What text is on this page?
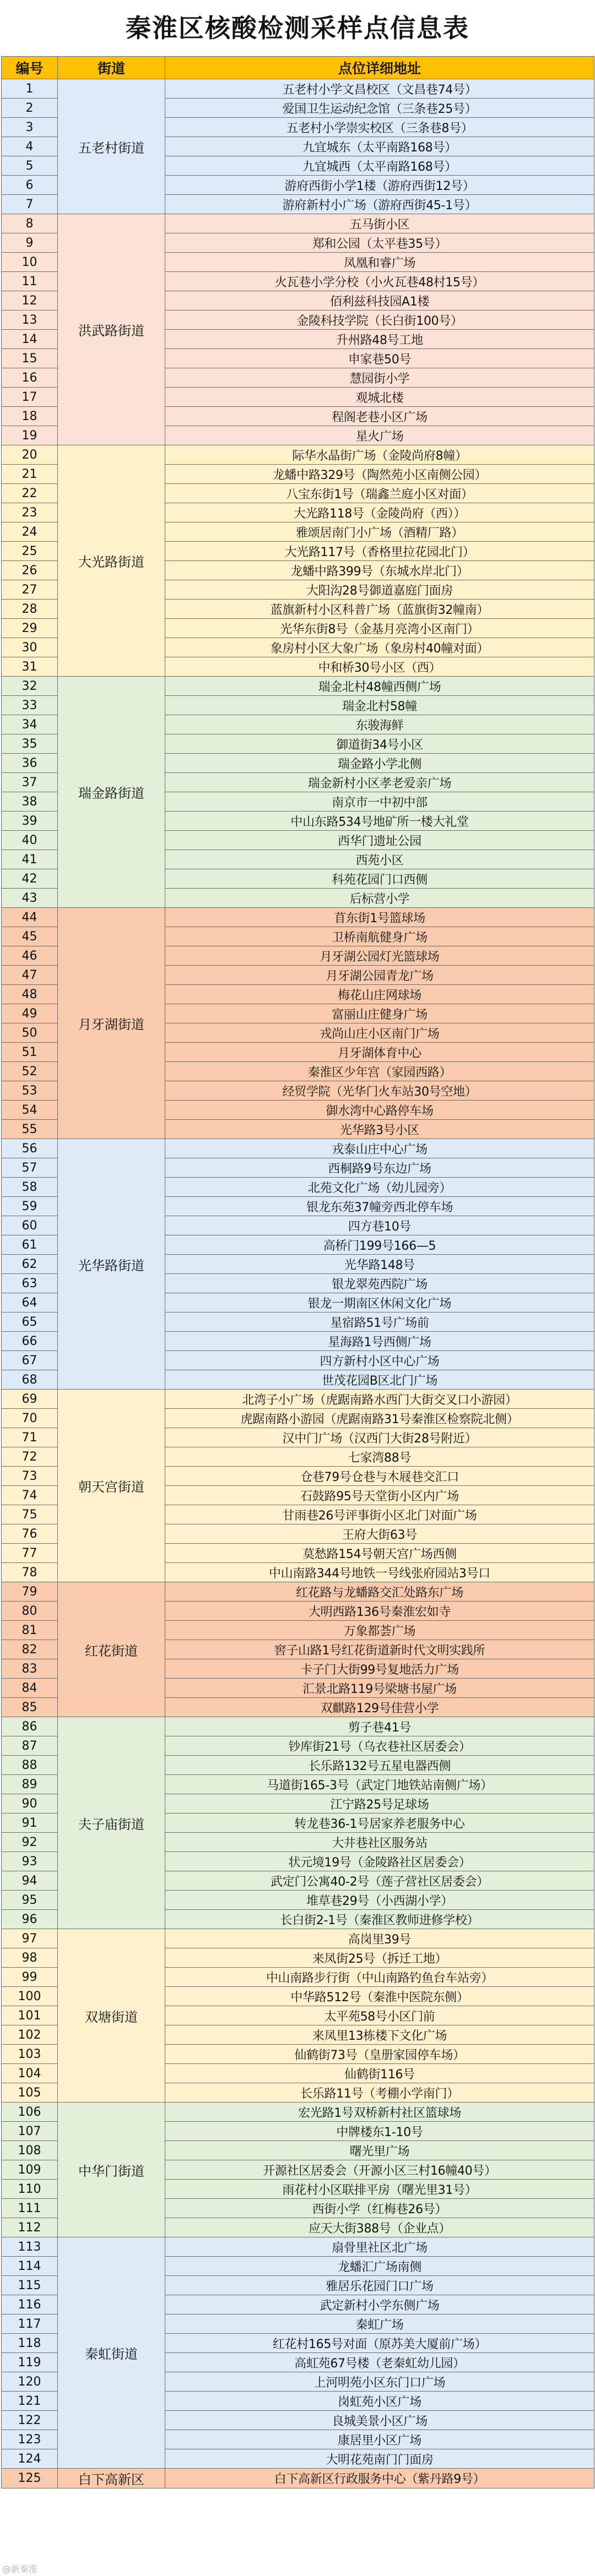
秦淮区核酸检测采样点信息表
编号	街道	点位详细地址
1	五老村街道	五老村小学文昌校区（文昌巷74号）
2		爱国卫生运动纪念馆（三条巷25号）
3		五老村小学崇实校区（三条巷8号）
4		九宜城东（太平南路168号）
5		九宜城西（太平南路168号）
6		游府西街小学1楼（游府西街12号）
7		游府新村小广场（游府西街45-1号）
8	洪武路街道	五马街小区
9		郑和公园（太平巷35号）
10		凤凰和睿广场
11		火瓦巷小学分校（小火瓦巷48村15号）
12		佰利兹科技园A1楼
13		金陵科技学院（长白街100号）
14		升州路48号工地
15		申家巷50号
16		慧园街小学
17		观城北楼
18		程阁老巷小区广场
19		星火广场
20	大光路街道	际华水晶街广场（金陵尚府8幢）
21		龙蟠中路329号（陶然苑小区南侧公园）
22		八宝东街1号（瑞鑫兰庭小区对面）
23		大光路118号（金陵尚府（西））
24		雅颂居南门小广场（酒精厂路）
25		大光路117号（香格里拉花园北门）
26		龙蟠中路399号（东城水岸北门）
27		大阳沟28号御道嘉庭门面房
28		蓝旗新村小区科普广场（蓝旗街32幢南）
29		光华东街8号（金基月亮湾小区南门）
30		象房村小区大象广场（象房村40幢对面）
31		中和桥30号小区（西）
32	瑞金路街道	瑞金北村48幢西侧广场
33		瑞金北村58幢
34		东骏海鲜
35		御道街34号小区
36		瑞金路小学北侧
37		瑞金新村小区孝老爱亲广场
38		南京市一中初中部
39		中山东路534号地矿所一楼大礼堂
40		西华门遗址公园
41		西苑小区
42		科苑花园门口西侧
43		后标营小学
44	月牙湖街道	苜东街1号篮球场
45		卫桥南航健身广场
46		月牙湖公园灯光篮球场
47		月牙湖公园青龙广场
48		梅花山庄网球场
49		富丽山庄健身广场
50		戎尚山庄小区南门广场
51		月牙湖体育中心
52		秦淮区少年宫（家园西路）
53		经贸学院（光华门火车站30号空地）
54		御水湾中心路停车场
55		光华路3号小区
56	光华路街道	戎泰山庄中心广场
57		西桐路9号东边广场
58		北苑文化广场（幼儿园旁）
59		银龙东苑37幢旁西北停车场
60		四方巷10号
61		高桥门199号166—5
62		光华路148号
63		银龙翠苑西院广场
64		银龙一期南区休闲文化广场
65		星宿路51号广场前
66		星海路1号西侧广场
67		四方新村小区中心广场
68		世茂花园B区北门广场
69	朝天宫街道	北湾子小广场（虎踞南路水西门大街交叉口小游园）
70		虎踞南路小游园（虎踞南路31号秦淮区检察院北侧）
71		汉中门广场（汉西门大街28号附近）
72		七家湾88号
73		仓巷79号仓巷与木屐巷交汇口
74		石鼓路95号天堂街小区内广场
75		甘雨巷26号评事街小区北门对面广场
76		王府大街63号
77		莫愁路154号朝天宫广场西侧
78		中山南路344号地铁一号线张府园站3号口
79	红花街道	红花路与龙蟠路交汇处路东广场
80		大明西路136号秦淮宏如寺
81		万象都荟广场
82		窖子山路1号红花街道新时代文明实践所
83		卡子门大街99号复地活力广场
84		汇景北路119号梁塘书屋广场
85		双麒路129号佳营小学
86	夫子庙街道	剪子巷41号
87		钞库街21号（乌衣巷社区居委会）
88		长乐路132号五星电器西侧
89		马道街165-3号（武定门地铁站南侧广场）
90		江宁路25号足球场
91		转龙巷36-1号居家养老服务中心
92		大井巷社区服务站
93		状元境19号（金陵路社区居委会）
94		武定门公寓40-2号（莲子营社区居委会）
95		堆草巷29号（小西湖小学）
96		长白街2-1号（秦淮区教师进修学校）
97	双塘街道	高岗里39号
98		来凤街25号（拆迁工地）
99		中山南路步行街（中山南路钓鱼台车站旁）
100		中华路512号（秦淮中医院东侧）
101		太平苑58号小区门前
102		来凤里13栋楼下文化广场
103		仙鹤街73号（皇册家园停车场）
104		仙鹤街116号
105		长乐路11号（考棚小学南门）
106	中华门街道	宏光路1号双桥新村社区篮球场
107		中牌楼东1-10号
108		曙光里广场
109		开源社区居委会（开源小区三村16幢40号）
110		雨花村小区联排平房（曙光里31号）
111		西街小学（红梅巷26号）
112		应天大街388号（企业点）
113	秦虹街道	扇骨里社区北广场
114		龙蟠汇广场南侧
115		雅居乐花园门口广场
116		武定新村小学东侧广场
117		秦虹广场
118		红花村165号对面（原苏美大厦前广场）
119		高虹苑67号楼（老秦虹幼儿园）
120		上河明苑小区东门口广场
121		岗虹苑小区广场
122		良城美景小区广场
123		康居里小区广场
124		大明花苑南门门面房
125	白下高新区	白下高新区行政服务中心（紫丹路9号）
@新秦淮
